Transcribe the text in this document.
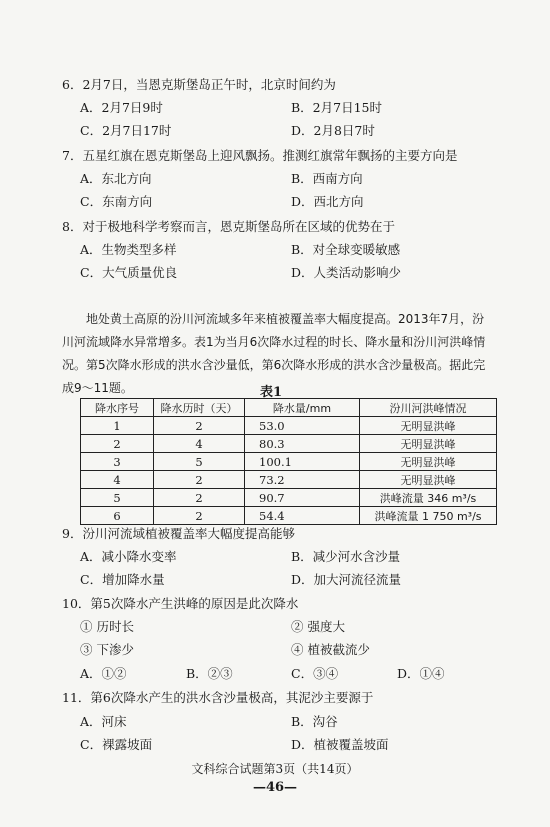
6．2月7日，当恩克斯堡岛正午时，北京时间约为
A．2月7日9时	B．2月7日15时
C．2月7日17时	D．2月8日7时
7．五星红旗在恩克斯堡岛上迎风飘扬。推测红旗常年飘扬的主要方向是
A．东北方向	B．西南方向
C．东南方向	D．西北方向
8．对于极地科学考察而言，恩克斯堡岛所在区域的优势在于
A．生物类型多样	B．对全球变暖敏感
C．大气质量优良	D．人类活动影响少

地处黄土高原的汾川河流域多年来植被覆盖率大幅度提高。2013年7月，汾川河流域降水异常增多。表1为当月6次降水过程的时长、降水量和汾川河洪峰情况。第5次降水形成的洪水含沙量低，第6次降水形成的洪水含沙量极高。据此完成9～11题。	表1
降水序号	降水历时（天）	降水量/mm	汾川河洪峰情况
1	2	53.0	无明显洪峰
2	4	80.3	无明显洪峰
3	5	100.1	无明显洪峰
4	2	73.2	无明显洪峰
5	2	90.7	洪峰流量 346 m³/s
6	2	54.4	洪峰流量 1 750 m³/s
9．汾川河流域植被覆盖率大幅度提高能够
A．减小降水变率	B．减少河水含沙量
C．增加降水量	D．加大河流径流量
10．第5次降水产生洪峰的原因是此次降水
① 历时长	② 强度大
③ 下渗少	④ 植被截流少
A．①②	B．②③	C．③④	D．①④
11．第6次降水产生的洪水含沙量极高，其泥沙主要源于
A．河床	B．沟谷
C．裸露坡面	D．植被覆盖坡面
文科综合试题第3页（共14页）
—46—
